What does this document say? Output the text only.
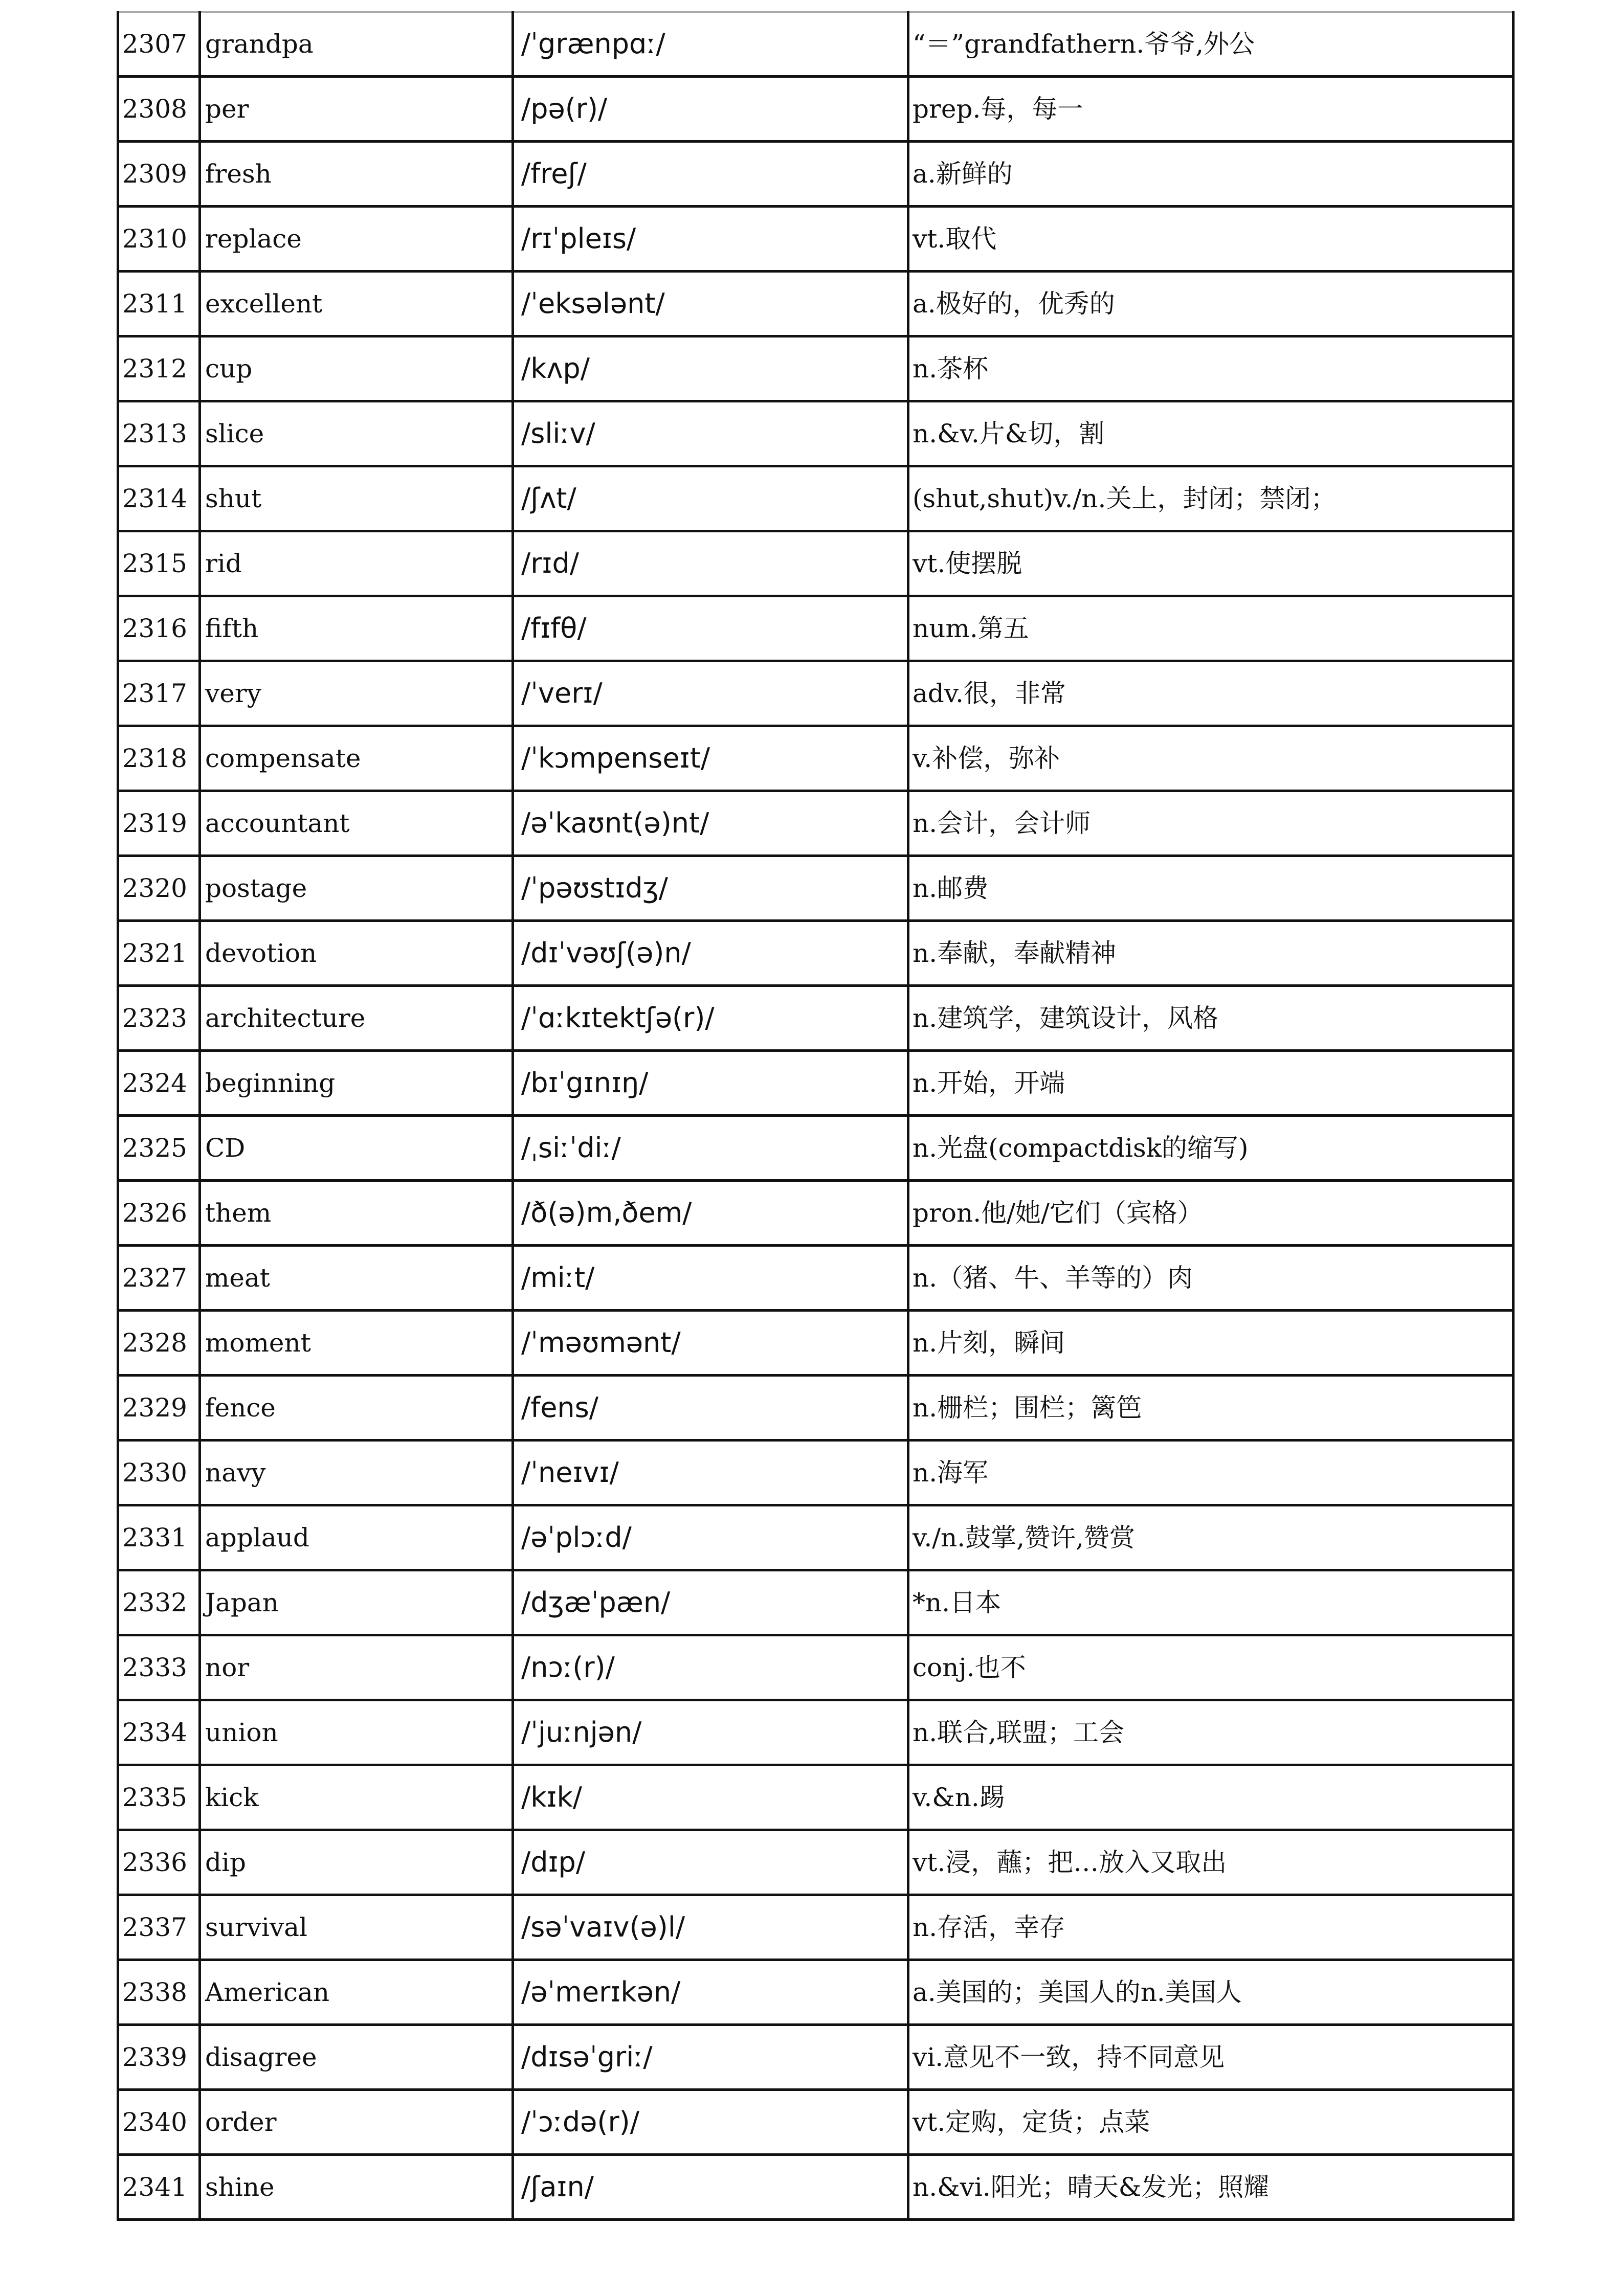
2307	grandpa	/ˈgrænpɑː/	“＝”grandfathern.爷爷,外公
2308	per	/pə(r)/	prep.每，每一
2309	fresh	/freʃ/	a.新鲜的
2310	replace	/rɪˈpleɪs/	vt.取代
2311	excellent	/ˈeksələnt/	a.极好的，优秀的
2312	cup	/kʌp/	n.茶杯
2313	slice	/sliːv/	n.&v.片&切，割
2314	shut	/ʃʌt/	(shut,shut)v./n.关上，封闭；禁闭；
2315	rid	/rɪd/	vt.使摆脱
2316	fifth	/fɪfθ/	num.第五
2317	very	/ˈverɪ/	adv.很，非常
2318	compensate	/ˈkɔmpenseɪt/	v.补偿，弥补
2319	accountant	/əˈkaʊnt(ə)nt/	n.会计，会计师
2320	postage	/ˈpəʊstɪdʒ/	n.邮费
2321	devotion	/dɪˈvəʊʃ(ə)n/	n.奉献，奉献精神
2323	architecture	/ˈɑːkɪtektʃə(r)/	n.建筑学，建筑设计，风格
2324	beginning	/bɪˈgɪnɪŋ/	n.开始，开端
2325	CD	/ˌsiːˈdiː/	n.光盘(compactdisk的缩写)
2326	them	/ð(ə)m,ðem/	pron.他/她/它们（宾格）
2327	meat	/miːt/	n.（猪、牛、羊等的）肉
2328	moment	/ˈməʊmənt/	n.片刻，瞬间
2329	fence	/fens/	n.栅栏；围栏；篱笆
2330	navy	/ˈneɪvɪ/	n.海军
2331	applaud	/əˈplɔːd/	v./n.鼓掌,赞许,赞赏
2332	Japan	/dʒæˈpæn/	*n.日本
2333	nor	/nɔː(r)/	conj.也不
2334	union	/ˈjuːnjən/	n.联合,联盟；工会
2335	kick	/kɪk/	v.&n.踢
2336	dip	/dɪp/	vt.浸，蘸；把…放入又取出
2337	survival	/səˈvaɪv(ə)l/	n.存活，幸存
2338	American	/əˈmerɪkən/	a.美国的；美国人的n.美国人
2339	disagree	/dɪsəˈgriː/	vi.意见不一致，持不同意见
2340	order	/ˈɔːdə(r)/	vt.定购，定货；点菜
2341	shine	/ʃaɪn/	n.&vi.阳光；晴天&发光；照耀
